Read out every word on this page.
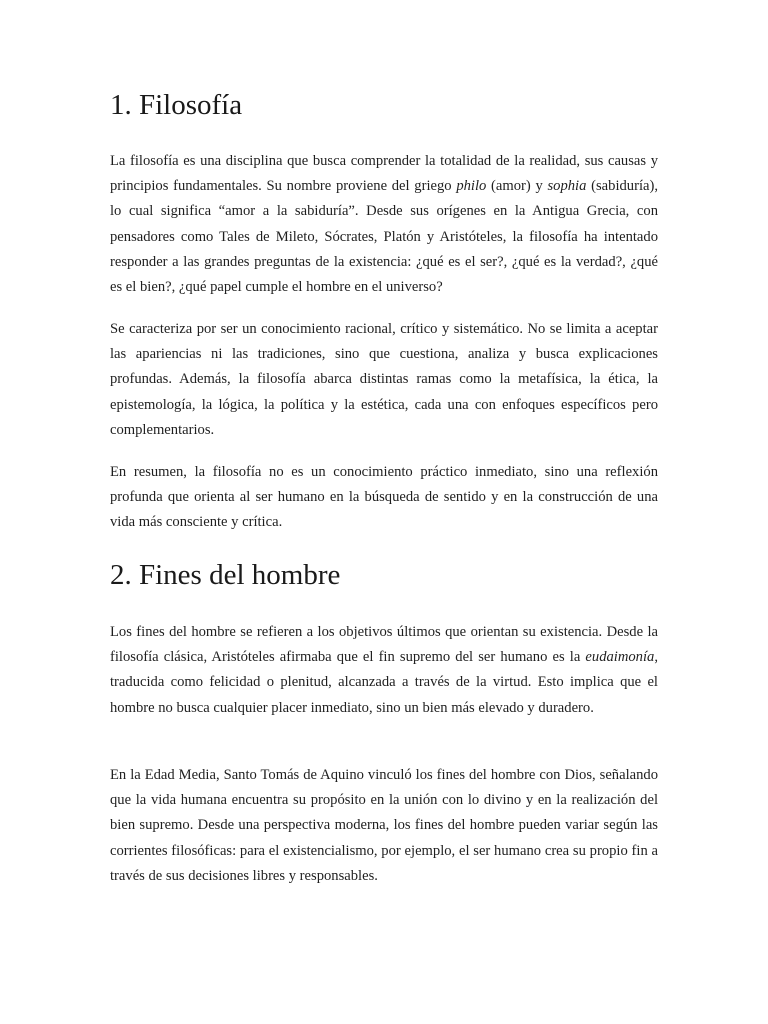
1. Filosofía

La filosofía es una disciplina que busca comprender la totalidad de la realidad, sus causas y principios fundamentales. Su nombre proviene del griego philo (amor) y sophia (sabiduría), lo cual significa “amor a la sabiduría”. Desde sus orígenes en la Antigua Grecia, con pensadores como Tales de Mileto, Sócrates, Platón y Aristóteles, la filosofía ha intentado responder a las grandes preguntas de la existencia: ¿qué es el ser?, ¿qué es la verdad?, ¿qué es el bien?, ¿qué papel cumple el hombre en el universo?

Se caracteriza por ser un conocimiento racional, crítico y sistemático. No se limita a aceptar las apariencias ni las tradiciones, sino que cuestiona, analiza y busca explicaciones profundas. Además, la filosofía abarca distintas ramas como la metafísica, la ética, la epistemología, la lógica, la política y la estética, cada una con enfoques específicos pero complementarios.

En resumen, la filosofía no es un conocimiento práctico inmediato, sino una reflexión profunda que orienta al ser humano en la búsqueda de sentido y en la construcción de una vida más consciente y crítica.

2. Fines del hombre

Los fines del hombre se refieren a los objetivos últimos que orientan su existencia. Desde la filosofía clásica, Aristóteles afirmaba que el fin supremo del ser humano es la eudaimonía, traducida como felicidad o plenitud, alcanzada a través de la virtud. Esto implica que el hombre no busca cualquier placer inmediato, sino un bien más elevado y duradero.

En la Edad Media, Santo Tomás de Aquino vinculó los fines del hombre con Dios, señalando que la vida humana encuentra su propósito en la unión con lo divino y en la realización del bien supremo. Desde una perspectiva moderna, los fines del hombre pueden variar según las corrientes filosóficas: para el existencialismo, por ejemplo, el ser humano crea su propio fin a través de sus decisiones libres y responsables.
